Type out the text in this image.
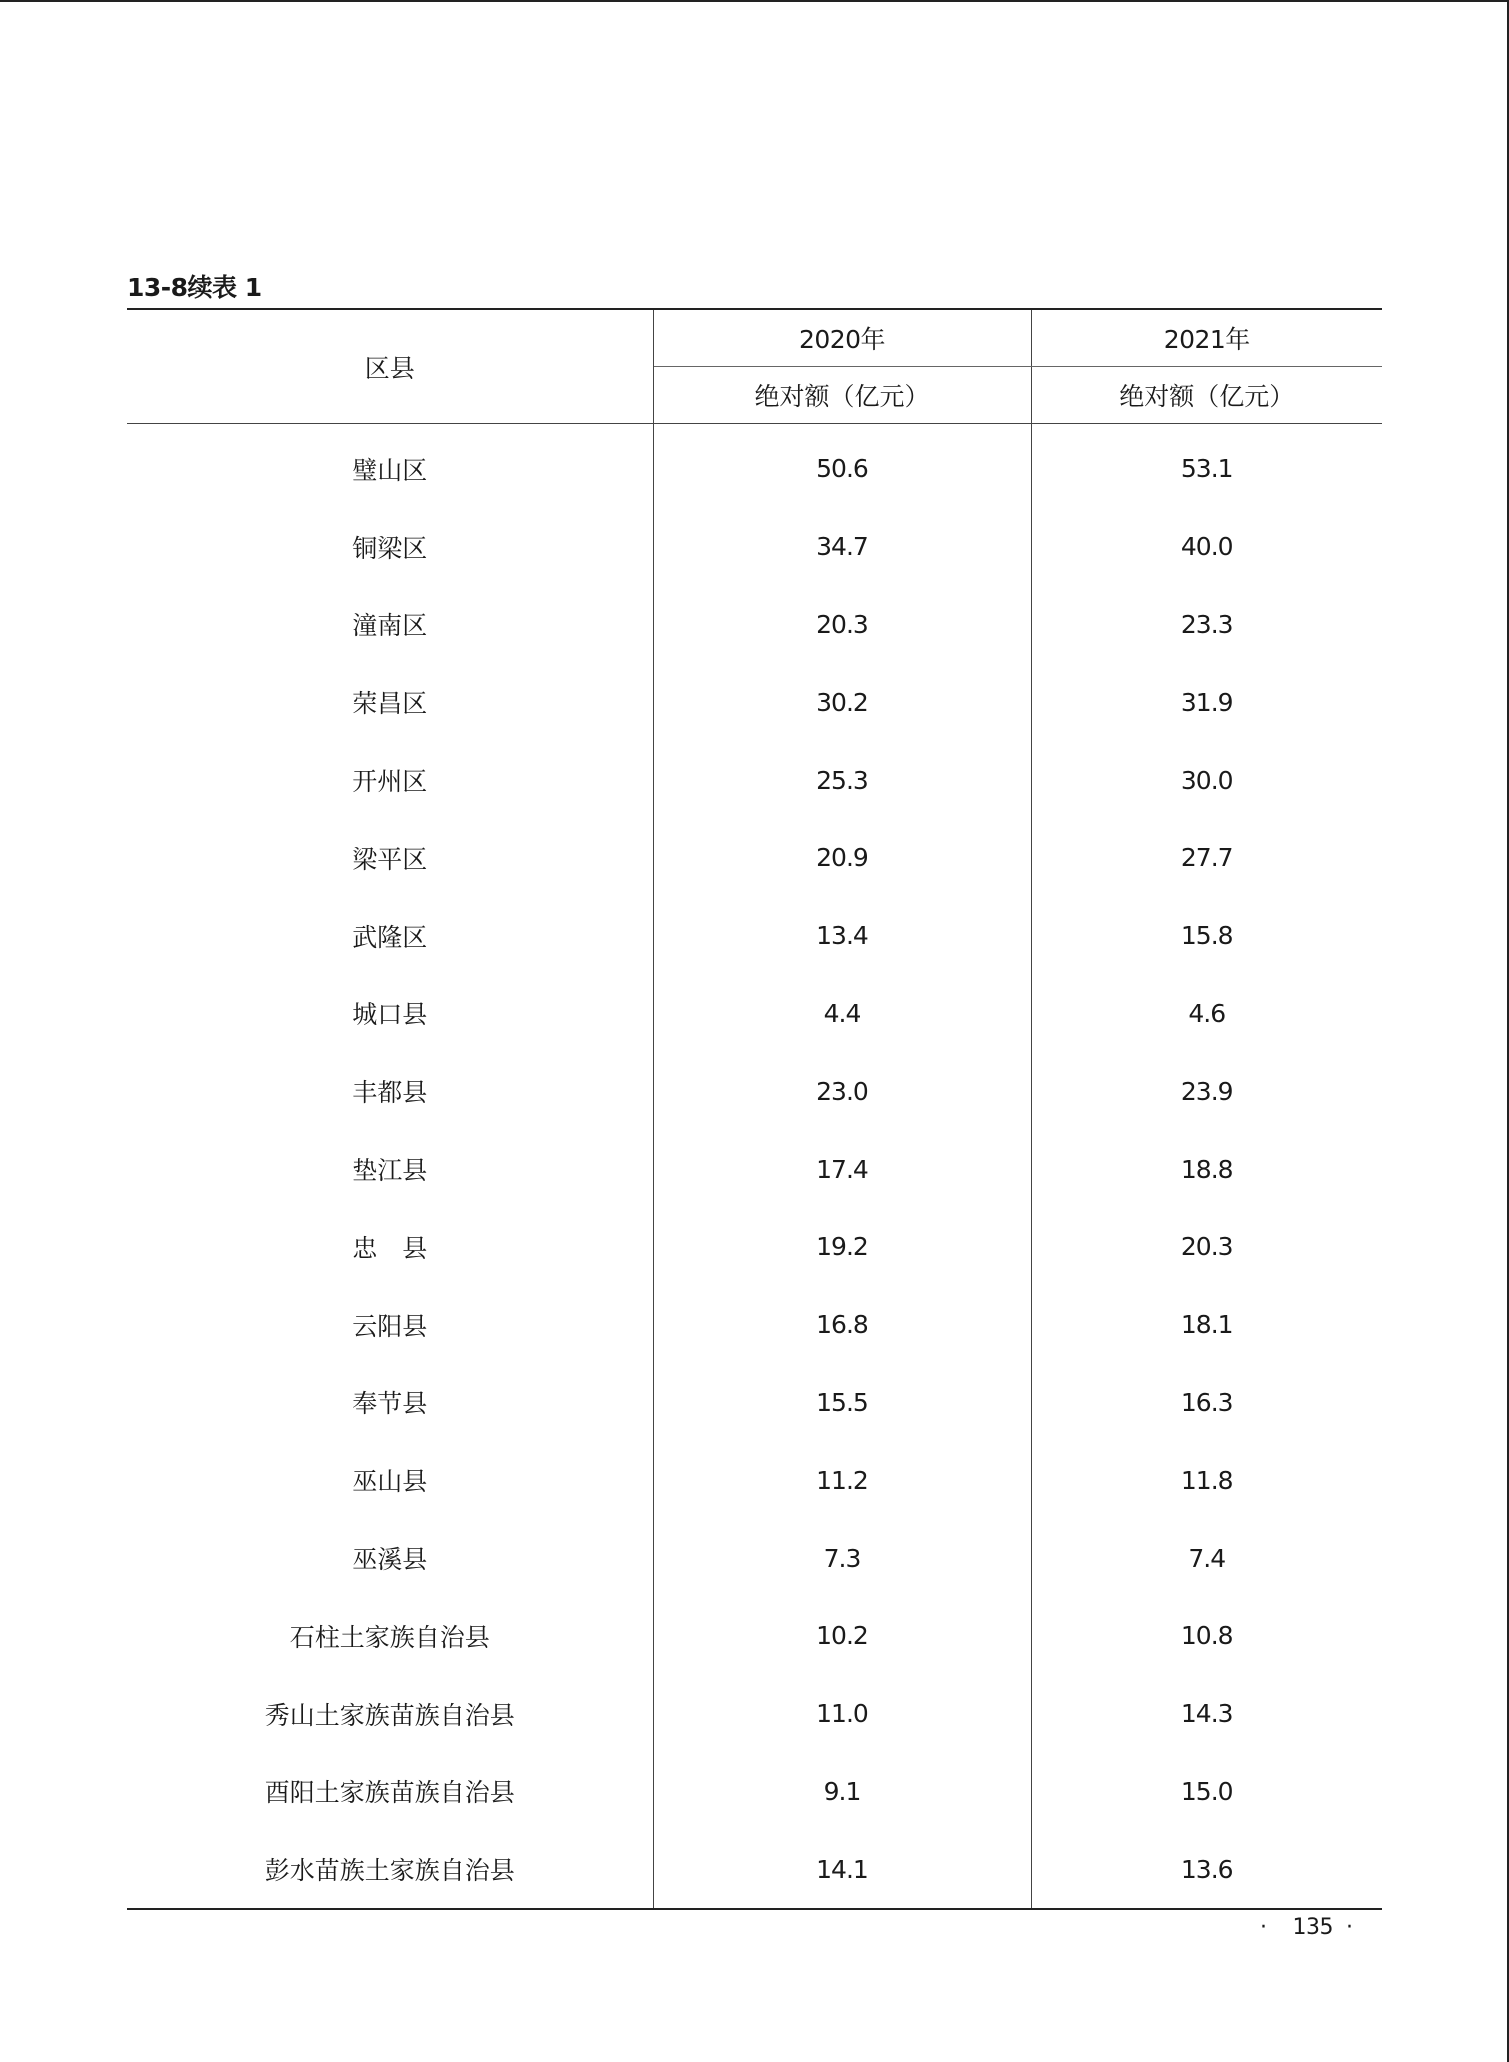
13-8续表 1
区县	2020年	2021年
	绝对额（亿元）	绝对额（亿元）
璧山区	50.6	53.1
铜梁区	34.7	40.0
潼南区	20.3	23.3
荣昌区	30.2	31.9
开州区	25.3	30.0
梁平区	20.9	27.7
武隆区	13.4	15.8
城口县	4.4	4.6
丰都县	23.0	23.9
垫江县	17.4	18.8
忠　县	19.2	20.3
云阳县	16.8	18.1
奉节县	15.5	16.3
巫山县	11.2	11.8
巫溪县	7.3	7.4
石柱土家族自治县	10.2	10.8
秀山土家族苗族自治县	11.0	14.3
酉阳土家族苗族自治县	9.1	15.0
彭水苗族土家族自治县	14.1	13.6
·    135  ·
